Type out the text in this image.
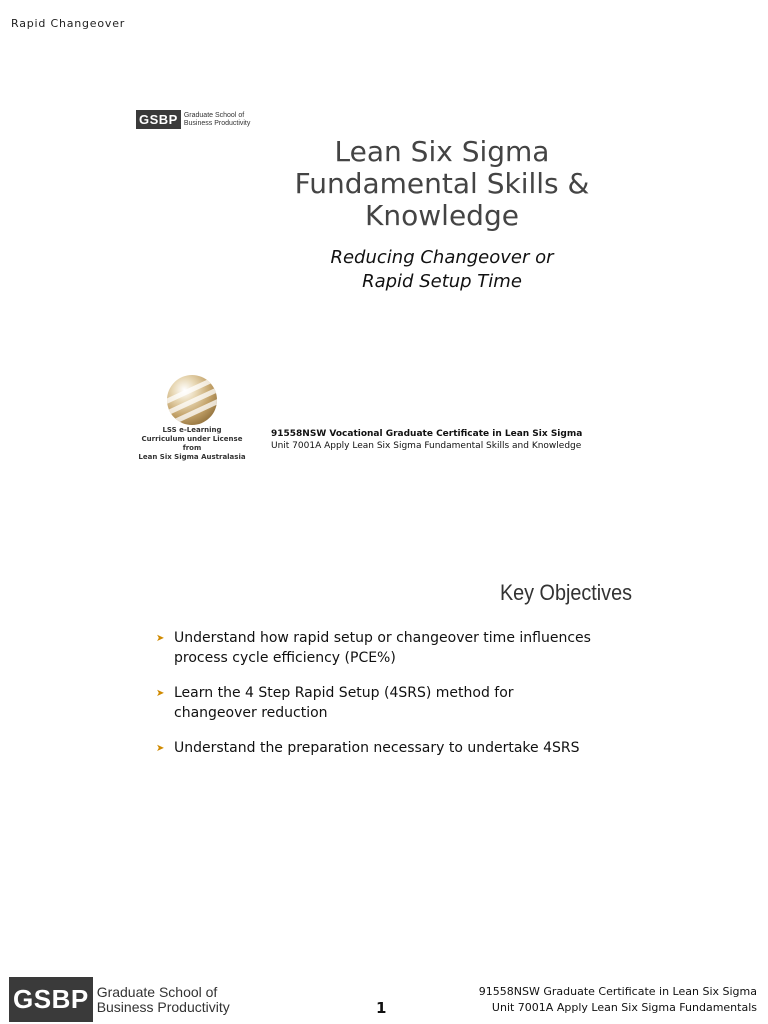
Rapid Changeover
GSBP Graduate School of
Business Productivity
Lean Six Sigma
Fundamental Skills &
Knowledge
Reducing Changeover or
Rapid Setup Time
LSS e-Learning
Curriculum under License from
Lean Six Sigma Australasia
91558NSW Vocational Graduate Certificate in Lean Six Sigma
Unit 7001A Apply Lean Six Sigma Fundamental Skills and Knowledge
Key Objectives
➤ Understand how rapid setup or changeover time influences
process cycle efficiency (PCE%)
➤ Learn the 4 Step Rapid Setup (4SRS) method for
changeover reduction
➤ Understand the preparation necessary to undertake 4SRS
GSBP Graduate School of
Business Productivity	1
91558NSW Graduate Certificate in Lean Six Sigma
Unit 7001A Apply Lean Six Sigma Fundamentals
